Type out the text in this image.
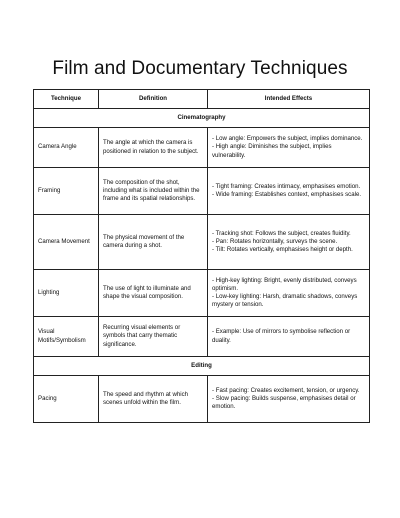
Film and Documentary Techniques
Technique	Definition	Intended Effects
Cinematography		
Camera Angle	The angle at which the camera is positioned in relation to the subject.	- Low angle: Empowers the subject, implies dominance.
- High angle: Diminishes the subject, implies vulnerability.

Framing	The composition of the shot, including what is included within the frame and its spatial relationships.	- Tight framing: Creates intimacy, emphasises emotion.
- Wide framing: Establishes context, emphasises scale.

Camera Movement	The physical movement of the camera during a shot.	- Tracking shot: Follows the subject, creates fluidity.
- Pan: Rotates horizontally, surveys the scene.
- Tilt: Rotates vertically, emphasises height or depth.

Lighting	The use of light to illuminate and shape the visual composition.	- High-key lighting: Bright, evenly distributed, conveys optimism.
- Low-key lighting: Harsh, dramatic shadows, conveys mystery or tension.

Visual Motifs/Symbolism	Recurring visual elements or symbols that carry thematic significance.	- Example: Use of mirrors to symbolise reflection or duality.

Editing		
Pacing	The speed and rhythm at which scenes unfold within the film.	- Fast pacing: Creates excitement, tension, or urgency.
- Slow pacing: Builds suspense, emphasises detail or emotion.
